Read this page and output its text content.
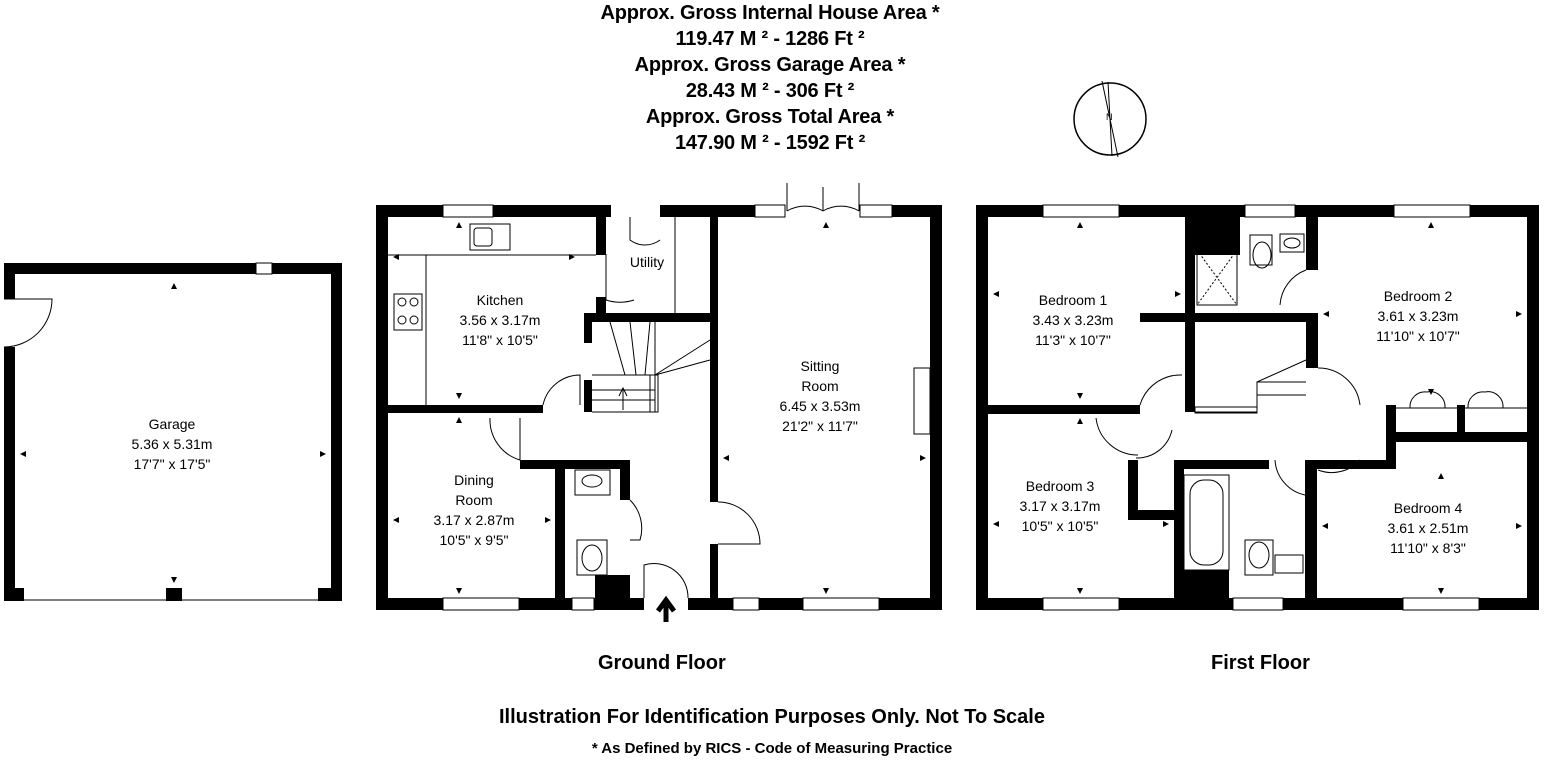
N
Approx. Gross Internal House Area *
119.47 M ² - 1286 Ft ²
Approx. Gross Garage Area *
28.43 M ² - 306 Ft ²
Approx. Gross Total Area *
147.90 M ² - 1592 Ft ²
Garage
5.36 x 5.31m
17'7" x 17'5"
Kitchen
3.56 x 3.17m
11'8" x 10'5"
Utility
Sitting
Room
6.45 x 3.53m
21'2" x 11'7"
Dining
Room
3.17 x 2.87m
10'5" x 9'5"
Bedroom 1
3.43 x 3.23m
11'3" x 10'7"
Bedroom 2
3.61 x 3.23m
11'10" x 10'7"
Bedroom 3
3.17 x 3.17m
10'5" x 10'5"
Bedroom 4
3.61 x 2.51m
11'10" x 8'3"
Ground Floor	First Floor
Illustration For Identification Purposes Only. Not To Scale
* As Defined by RICS - Code of Measuring Practice
